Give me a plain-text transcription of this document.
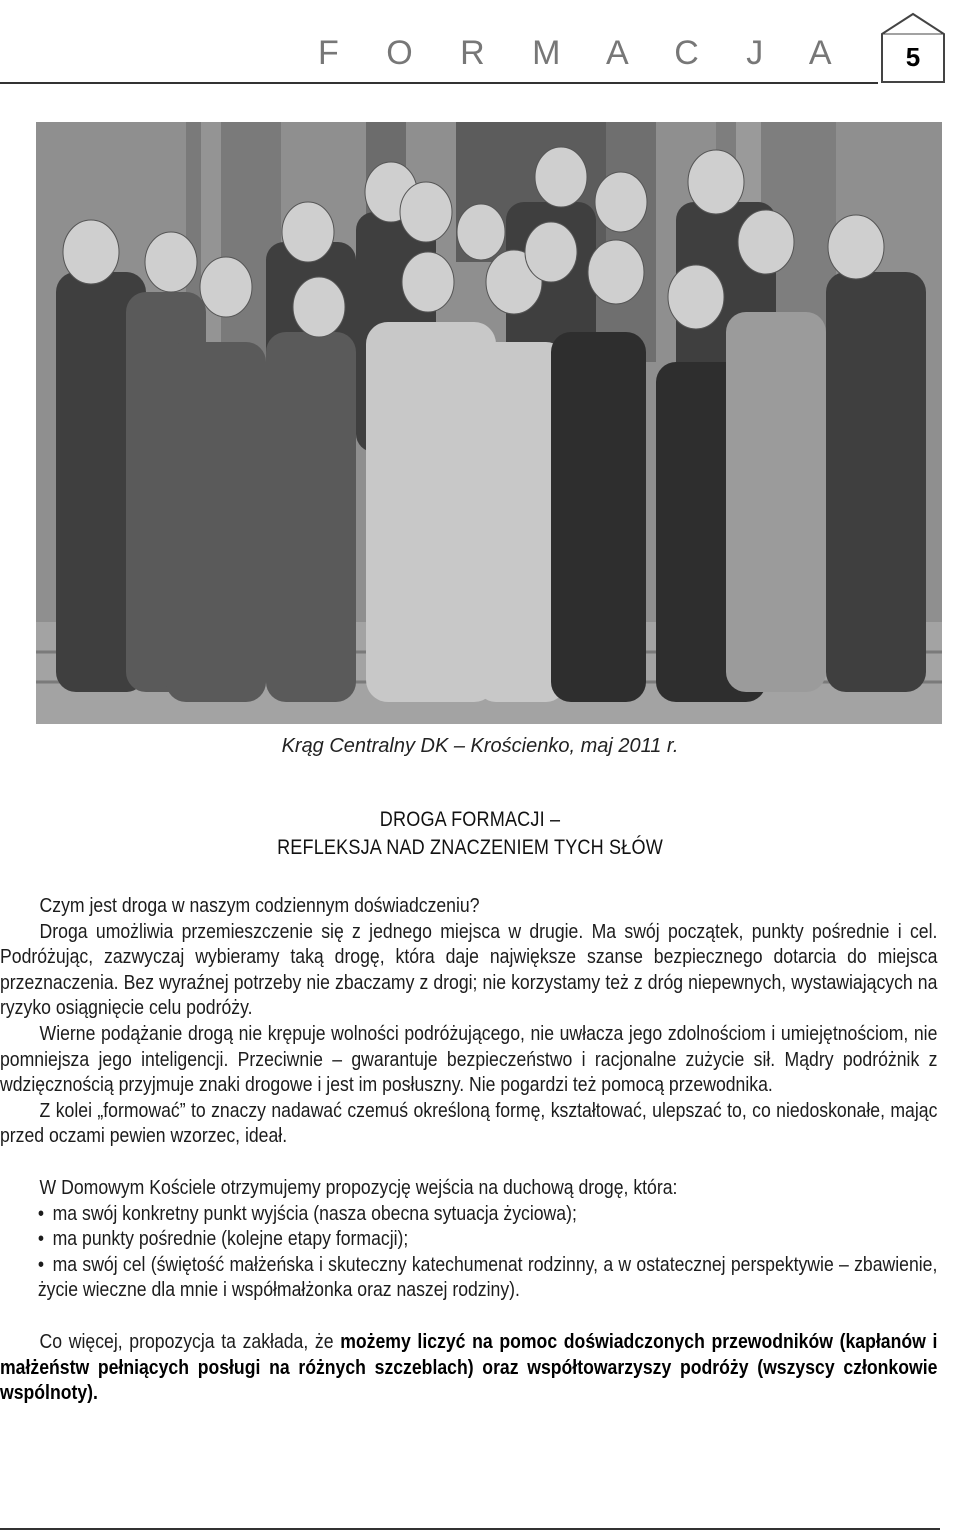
F O R M A C J A	5
Krąg Centralny DK – Krościenko, maj 2011 r.
DROGA FORMACJI –
REFLEKSJA NAD ZNACZENIEM TYCH SŁÓW

Czym jest droga w naszym codziennym doświadczeniu?

Droga umożliwia przemieszczenie się z jednego miejsca w drugie. Ma swój początek, punkty pośrednie i cel. Podróżując, zazwyczaj wybieramy taką drogę, która daje największe szanse bezpiecznego dotarcia do miejsca przeznaczenia. Bez wyraźnej potrzeby nie zbaczamy z drogi; nie korzystamy też z dróg niepewnych, wystawiających na ryzyko osiągnięcie celu podróży.

Wierne podążanie drogą nie krępuje wolności podróżującego, nie uwłacza jego zdolnościom i umiejętnościom, nie pomniejsza jego inteligencji. Przeciwnie – gwarantuje bezpieczeństwo i racjonalne zużycie sił. Mądry podróżnik z wdzięcznością przyjmuje znaki drogowe i jest im posłuszny. Nie pogardzi też pomocą przewodnika.

Z kolei „formować” to znaczy nadawać czemuś określoną formę, kształtować, ulepszać to, co niedoskonałe, mając przed oczami pewien wzorzec, ideał.

W Domowym Kościele otrzymujemy propozycję wejścia na duchową drogę, która:

• ma swój konkretny punkt wyjścia (nasza obecna sytuacja życiowa);

• ma punkty pośrednie (kolejne etapy formacji);

• ma swój cel (świętość małżeńska i skuteczny katechumenat rodzinny, a w ostatecznej perspektywie – zbawienie, życie wieczne dla mnie i współmałżonka oraz naszej rodziny).

Co więcej, propozycja ta zakłada, że możemy liczyć na pomoc doświadczonych przewodników (kapłanów i małżeństw pełniących posługi na różnych szczeblach) oraz współtowarzyszy podróży (wszyscy członkowie wspólnoty).
